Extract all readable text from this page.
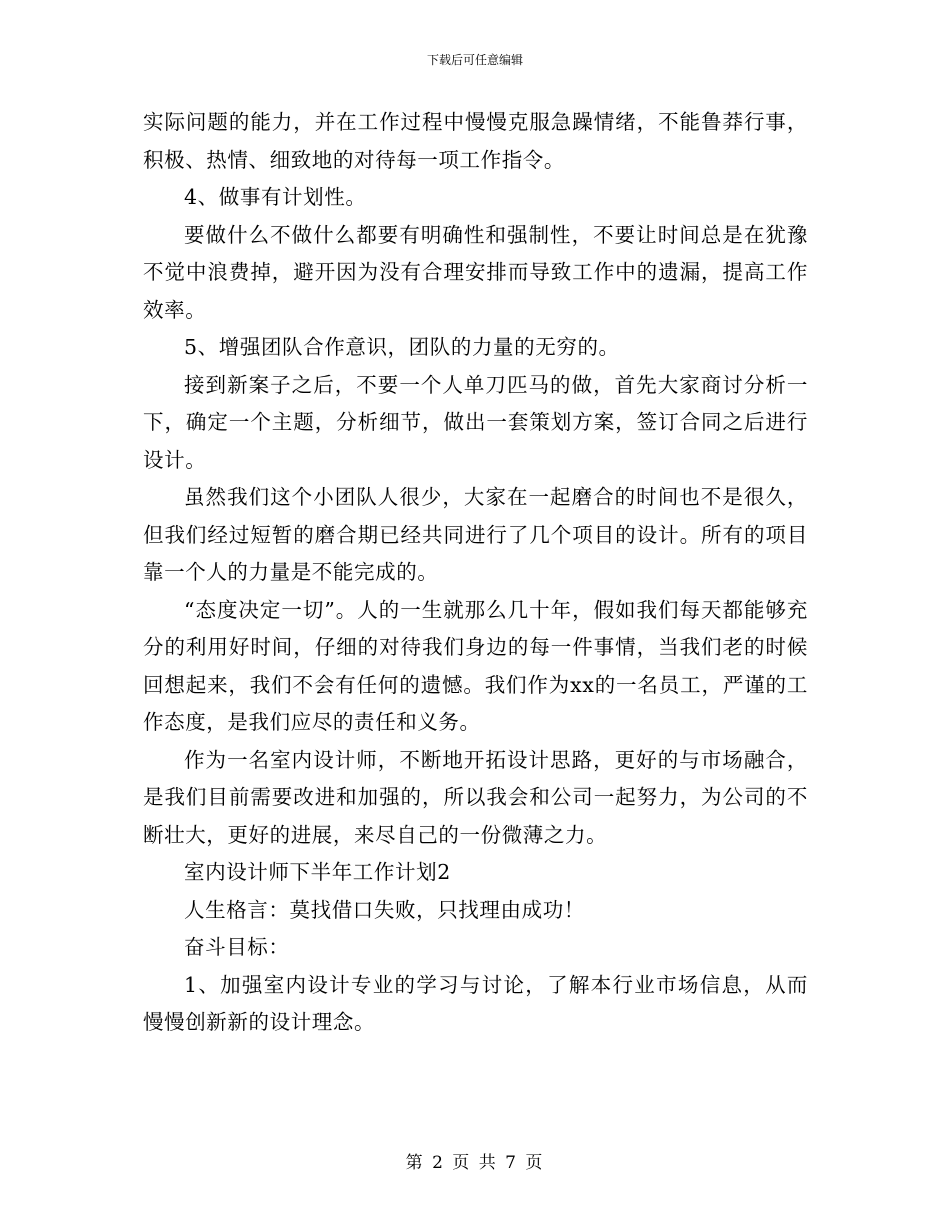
下载后可任意编辑

实际问题的能力，并在工作过程中慢慢克服急躁情绪，不能鲁莽行事，积极、热情、细致地的对待每一项工作指令。

4、做事有计划性。

要做什么不做什么都要有明确性和强制性，不要让时间总是在犹豫不觉中浪费掉，避开因为没有合理安排而导致工作中的遗漏，提高工作效率。

5、增强团队合作意识，团队的力量的无穷的。

接到新案子之后，不要一个人单刀匹马的做，首先大家商讨分析一下，确定一个主题，分析细节，做出一套策划方案，签订合同之后进行设计。

虽然我们这个小团队人很少，大家在一起磨合的时间也不是很久，但我们经过短暂的磨合期已经共同进行了几个项目的设计。所有的项目靠一个人的力量是不能完成的。

“态度决定一切”。人的一生就那么几十年，假如我们每天都能够充分的利用好时间，仔细的对待我们身边的每一件事情，当我们老的时候回想起来，我们不会有任何的遗憾。我们作为xx的一名员工，严谨的工作态度，是我们应尽的责任和义务。

作为一名室内设计师，不断地开拓设计思路，更好的与市场融合，是我们目前需要改进和加强的，所以我会和公司一起努力，为公司的不断壮大，更好的进展，来尽自己的一份微薄之力。

室内设计师下半年工作计划2

人生格言：莫找借口失败，只找理由成功！

奋斗目标：

1、加强室内设计专业的学习与讨论，了解本行业市场信息，从而慢慢创新新的设计理念。

第 2 页 共 7 页
